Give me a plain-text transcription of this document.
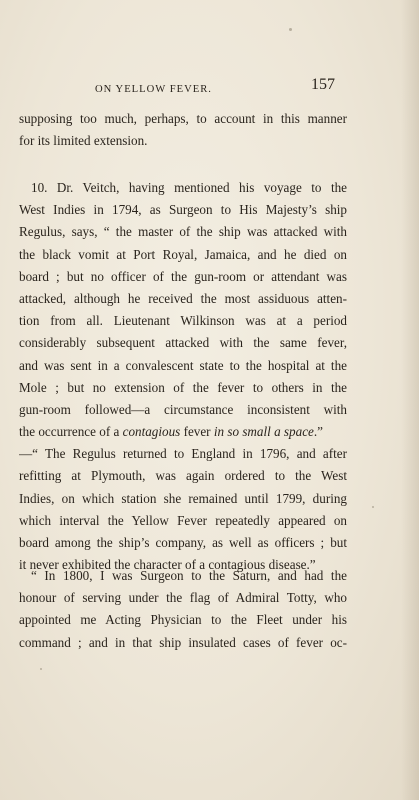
ON YELLOW FEVER.	157
supposing too much, perhaps, to account in this manner
for its limited extension.
10. Dr. Veitch, having mentioned his voyage to the
West Indies in 1794, as Surgeon to His Majesty’s ship
Regulus, says, “ the master of the ship was attacked with
the black vomit at Port Royal, Jamaica, and he died on
board ; but no officer of the gun-room or attendant was
attacked, although he received the most assiduous atten-
tion from all. Lieutenant Wilkinson was at a period
considerably subsequent attacked with the same fever,
and was sent in a convalescent state to the hospital at the
Mole ; but no extension of the fever to others in the
gun-room followed—a circumstance inconsistent with
the occurrence of a contagious fever in so small a space.”
—“ The Regulus returned to England in 1796, and after
refitting at Plymouth, was again ordered to the West
Indies, on which station she remained until 1799, during
which interval the Yellow Fever repeatedly appeared on
board among the ship’s company, as well as officers ; but
it never exhibited the character of a contagious disease.”
“ In 1800, I was Surgeon to the Saturn, and had the
honour of serving under the flag of Admiral Totty, who
appointed me Acting Physician to the Fleet under his
command ; and in that ship insulated cases of fever oc-
